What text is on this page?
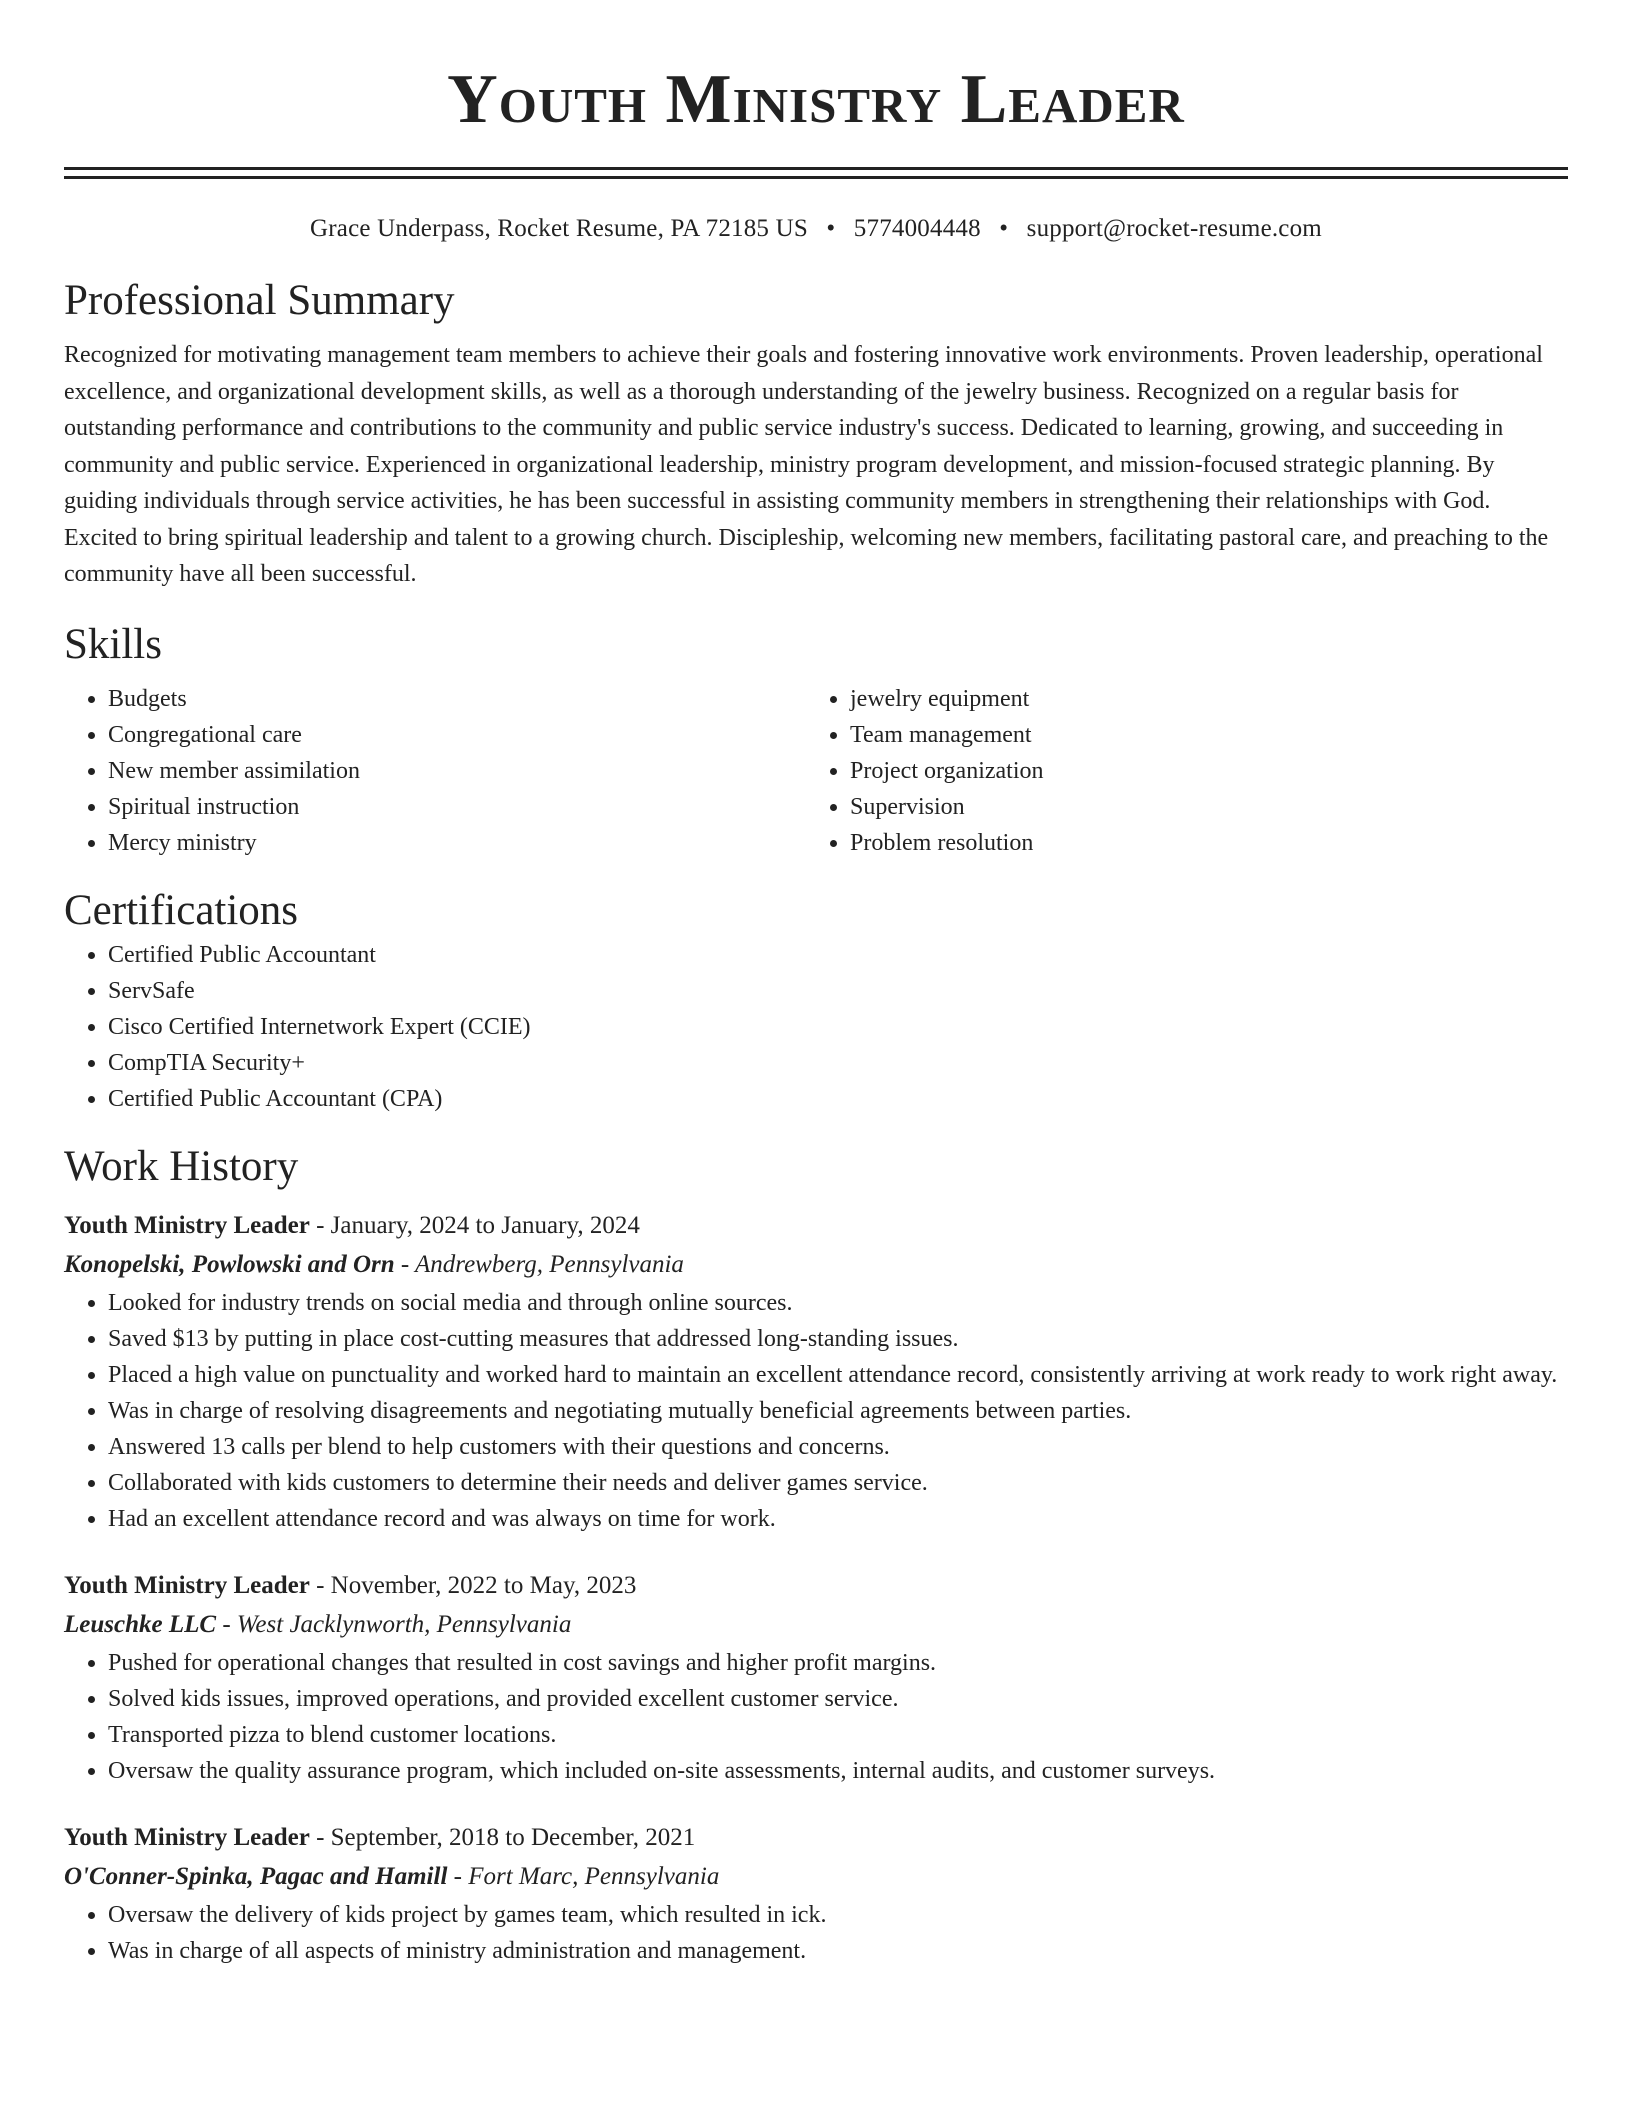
Youth Ministry Leader
Grace Underpass, Rocket Resume, PA 72185 US • 5774004448 • support@rocket-resume.com
Professional Summary
Recognized for motivating management team members to achieve their goals and fostering innovative work environments. Proven leadership, operational excellence, and organizational development skills, as well as a thorough understanding of the jewelry business. Recognized on a regular basis for outstanding performance and contributions to the community and public service industry's success. Dedicated to learning, growing, and succeeding in community and public service. Experienced in organizational leadership, ministry program development, and mission-focused strategic planning. By guiding individuals through service activities, he has been successful in assisting community members in strengthening their relationships with God. Excited to bring spiritual leadership and talent to a growing church. Discipleship, welcoming new members, facilitating pastoral care, and preaching to the community have all been successful.
Skills
• Budgets
• Congregational care
• New member assimilation
• Spiritual instruction
• Mercy ministry
• jewelry equipment
• Team management
• Project organization
• Supervision
• Problem resolution
Certifications
• Certified Public Accountant
• ServSafe
• Cisco Certified Internetwork Expert (CCIE)
• CompTIA Security+
• Certified Public Accountant (CPA)
Work History
Youth Ministry Leader - January, 2024 to January, 2024
Konopelski, Powlowski and Orn - Andrewberg, Pennsylvania
• Looked for industry trends on social media and through online sources.
• Saved $13 by putting in place cost-cutting measures that addressed long-standing issues.
• Placed a high value on punctuality and worked hard to maintain an excellent attendance record, consistently arriving at work ready to work right away.
• Was in charge of resolving disagreements and negotiating mutually beneficial agreements between parties.
• Answered 13 calls per blend to help customers with their questions and concerns.
• Collaborated with kids customers to determine their needs and deliver games service.
• Had an excellent attendance record and was always on time for work.
Youth Ministry Leader - November, 2022 to May, 2023
Leuschke LLC - West Jacklynworth, Pennsylvania
• Pushed for operational changes that resulted in cost savings and higher profit margins.
• Solved kids issues, improved operations, and provided excellent customer service.
• Transported pizza to blend customer locations.
• Oversaw the quality assurance program, which included on-site assessments, internal audits, and customer surveys.
Youth Ministry Leader - September, 2018 to December, 2021
O'Conner-Spinka, Pagac and Hamill - Fort Marc, Pennsylvania
• Oversaw the delivery of kids project by games team, which resulted in ick.
• Was in charge of all aspects of ministry administration and management.
